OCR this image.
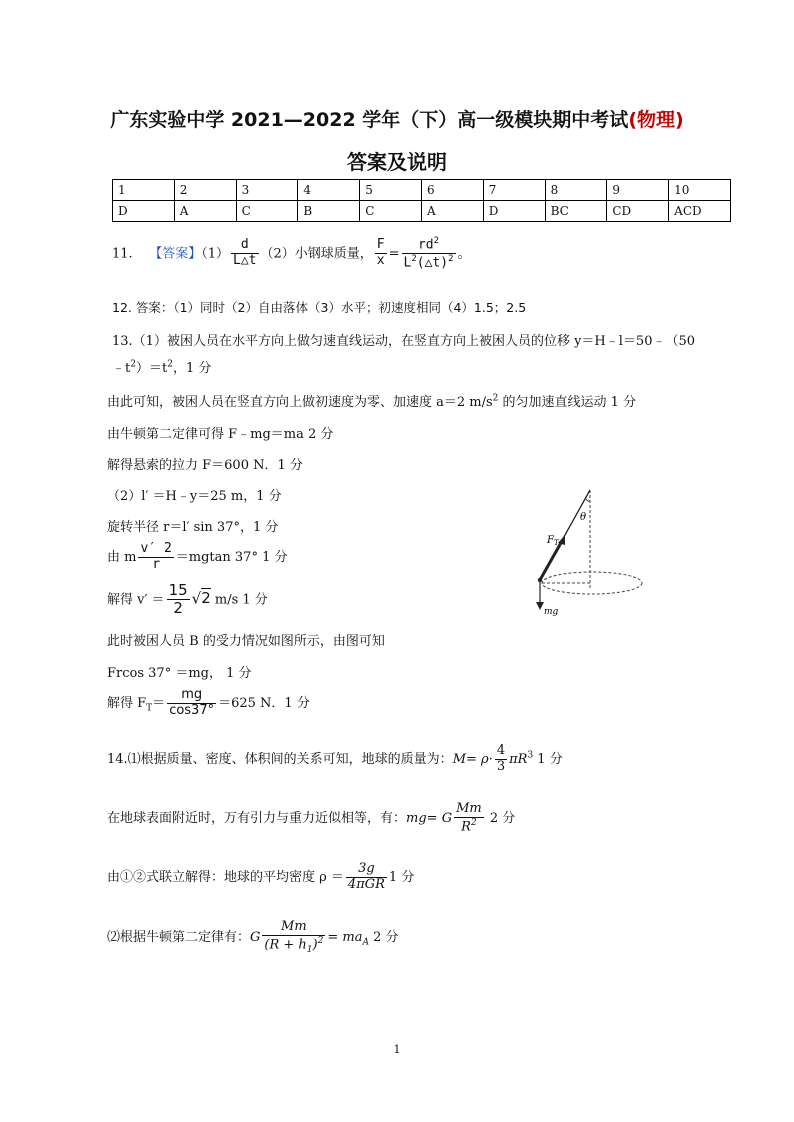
广东实验中学 2021—2022 学年（下）高一级模块期中考试(物理)
答案及说明
1	2	3	4	5	6	7	8	9	10
D	A	C	B	C	A	D	BC	CD	ACD
11. 【答案】$(1) \frac{d}{L\triangle t} (2)$小钢球质量， $\frac{F}{x} = \frac{rd^2}{L^2(\triangle t)^2}$ 。
12. 答案：（1）同时（2）自由落体（3）水平；初速度相同（4）1.5；2.5
13.（1）被困人员在水平方向上做匀速直线运动，在竖直方向上被困人员的位移 y＝H﹣l＝50﹣（50
$﹣t^2)=t^2$，1 分
由此可知，被困人员在竖直方向上做初速度为零、加速度 a＝2 $m/s^2$ 的匀加速直线运动 1 分
由牛顿第二定律可得 F﹣mg＝ma 2 分
解得悬索的拉力 F＝600 N．1 分
（2）l′ ＝H﹣y＝25 m，1 分
旋转半径 r＝l′ sin 37°，1 分
由 m $\frac{v' 2}{r} =mgtan$ 37° 1 分
解得 $v' = \frac{15}{2} √2$ m/s 1 分
此时被困人员 B 的受力情况如图所示，由图可知
Frcos 37° ＝mg， 1 分
解得 $F_T= \frac{mg}{\cos 37^\circ} =625$ N．1 分
θ
$F_T$
mg
14.⑴根据质量、密度、体积间的关系可知，地球的质量为：$M= \rho\cdot \frac{4}{3} \pi R^3$ 1 分
在地球表面附近时，万有引力与重力近似相等，有：mg= G $\frac{Mm}{R^2} 2$ 分
由①②式联立解得：地球的平均密度 $\rho = \frac{3g}{\text{4πGR}} 1$ 分
⑵根据牛顿第二定律有：G $\frac{Mm}{(R + h_1)^2} = ma_A$ 2 分
1
